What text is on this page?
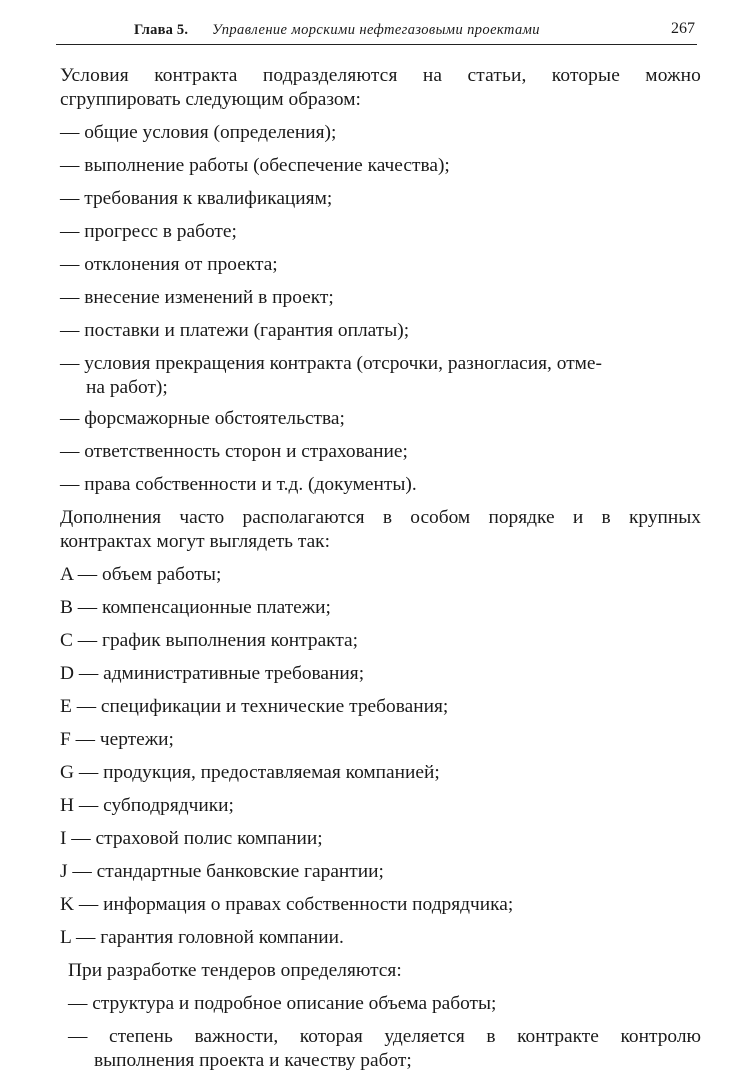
Глава 5. Управление морскими нефтегазовыми проектами	267

Условия контракта подразделяются на статьи, которые можно
сгруппировать следующим образом:

— общие условия (определения);
— выполнение работы (обеспечение качества);
— требования к квалификациям;
— прогресс в работе;
— отклонения от проекта;
— внесение изменений в проект;
— поставки и платежи (гарантия оплаты);
— условия прекращения контракта (отсрочки, разногласия, отме-
на работ);
— форсмажорные обстоятельства;
— ответственность сторон и страхование;
— права собственности и т.д. (документы).

Дополнения часто располагаются в особом порядке и в крупных
контрактах могут выглядеть так:

A — объем работы;
B — компенсационные платежи;
C — график выполнения контракта;
D — административные требования;
E — спецификации и технические требования;
F — чертежи;
G — продукция, предоставляемая компанией;
H — субподрядчики;
I — страховой полис компании;
J — стандартные банковские гарантии;
K — информация о правах собственности подрядчика;
L — гарантия головной компании.
При разработке тендеров определяются:
— структура и подробное описание объема работы;
— степень важности, которая уделяется в контракте контролю
выполнения проекта и качеству работ;
